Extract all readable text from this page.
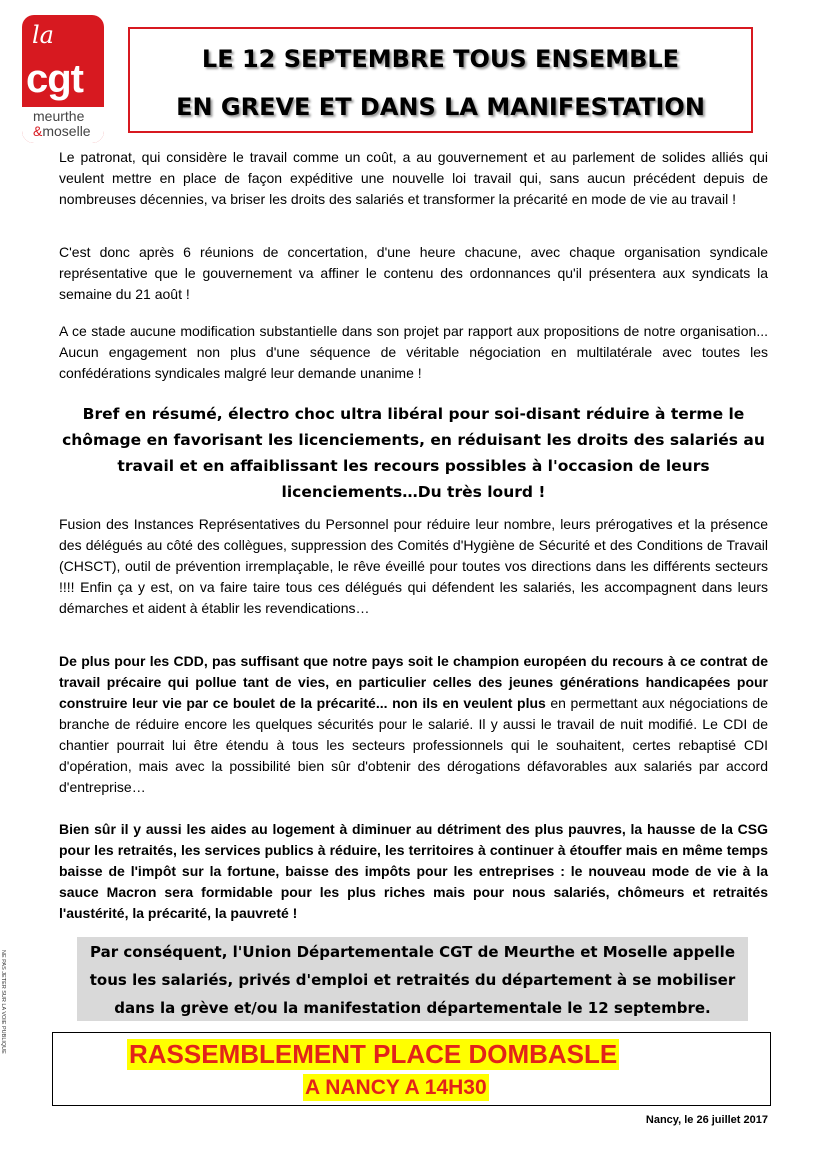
la
cgt
meurthe
&moselle
LE 12 SEPTEMBRE TOUS ENSEMBLE
EN GREVE ET DANS LA MANIFESTATION

Le patronat, qui considère le travail comme un coût, a au gouvernement et au parlement de solides alliés qui veulent mettre en place de façon expéditive une nouvelle loi travail qui, sans aucun précédent depuis de nombreuses décennies, va briser les droits des salariés et transformer la précarité en mode de vie au travail !

C'est donc après 6 réunions de concertation, d'une heure chacune, avec chaque organisation syndicale représentative que le gouvernement va affiner le contenu des ordonnances qu'il présentera aux syndicats la semaine du 21 août !

A ce stade aucune modification substantielle dans son projet par rapport aux propositions de notre organisation... Aucun engagement non plus d'une séquence de véritable négociation en multilatérale avec toutes les confédérations syndicales malgré leur demande unanime !

Bref en résumé, électro choc ultra libéral pour soi-disant réduire à terme le chômage en favorisant les licenciements, en réduisant les droits des salariés au travail et en affaiblissant les recours possibles à l'occasion de leurs licenciements…Du très lourd !

Fusion des Instances Représentatives du Personnel pour réduire leur nombre, leurs prérogatives et la présence des délégués au côté des collègues, suppression des Comités d'Hygiène de Sécurité et des Conditions de Travail (CHSCT), outil de prévention irremplaçable, le rêve éveillé pour toutes vos directions dans les différents secteurs !!!! Enfin ça y est, on va faire taire tous ces délégués qui défendent les salariés, les accompagnent dans leurs démarches et aident à établir les revendications…

De plus pour les CDD, pas suffisant que notre pays soit le champion européen du recours à ce contrat de travail précaire qui pollue tant de vies, en particulier celles des jeunes générations handicapées pour construire leur vie par ce boulet de la précarité... non ils en veulent plus en permettant aux négociations de branche de réduire encore les quelques sécurités pour le salarié. Il y aussi le travail de nuit modifié. Le CDI de chantier pourrait lui être étendu à tous les secteurs professionnels qui le souhaitent, certes rebaptisé CDI d'opération, mais avec la possibilité bien sûr d'obtenir des dérogations défavorables aux salariés par accord d'entreprise…

Bien sûr il y aussi les aides au logement à diminuer au détriment des plus pauvres, la hausse de la CSG pour les retraités, les services publics à réduire, les territoires à continuer à étouffer mais en même temps baisse de l'impôt sur la fortune, baisse des impôts pour les entreprises : le nouveau mode de vie à la sauce Macron sera formidable pour les plus riches mais pour nous salariés, chômeurs et retraités l'austérité, la précarité, la pauvreté !

Par conséquent, l'Union Départementale CGT de Meurthe et Moselle appelle tous les salariés, privés d'emploi et retraités du département à se mobiliser dans la grève et/ou la manifestation départementale le 12 septembre.

RASSEMBLEMENT PLACE DOMBASLE
A NANCY A 14H30
Nancy, le 26 juillet 2017
NE PAS JETER SUR LA VOIE PUBLIQUE
